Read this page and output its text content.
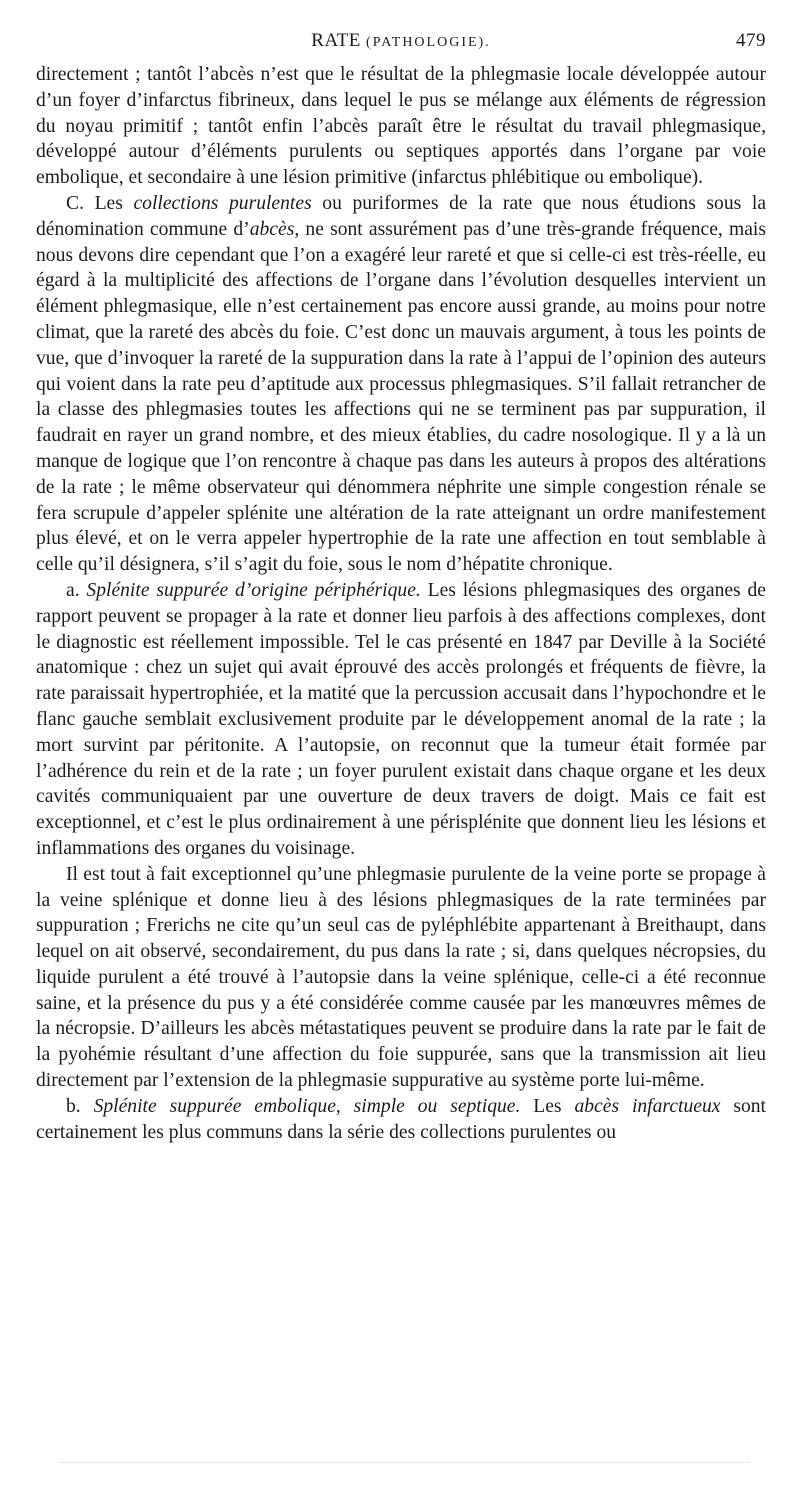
RATE (PATHOLOGIE).	479

directement ; tantôt l’abcès n’est que le résultat de la phlegmasie locale développée autour d’un foyer d’infarctus fibrineux, dans lequel le pus se mélange aux éléments de régression du noyau primitif ; tantôt enfin l’abcès paraît être le résultat du travail phlegmasique, développé autour d’éléments purulents ou septiques apportés dans l’organe par voie embolique, et secondaire à une lésion primitive (infarctus phlébitique ou embolique).

C. Les collections purulentes ou puriformes de la rate que nous étudions sous la dénomination commune d’abcès, ne sont assurément pas d’une très-grande fréquence, mais nous devons dire cependant que l’on a exagéré leur rareté et que si celle-ci est très-réelle, eu égard à la multiplicité des affections de l’organe dans l’évolution desquelles intervient un élément phlegmasique, elle n’est certainement pas encore aussi grande, au moins pour notre climat, que la rareté des abcès du foie. C’est donc un mauvais argument, à tous les points de vue, que d’invoquer la rareté de la suppuration dans la rate à l’appui de l’opinion des auteurs qui voient dans la rate peu d’aptitude aux processus phlegmasiques. S’il fallait retrancher de la classe des phlegmasies toutes les affections qui ne se terminent pas par suppuration, il faudrait en rayer un grand nombre, et des mieux établies, du cadre nosologique. Il y a là un manque de logique que l’on rencontre à chaque pas dans les auteurs à propos des altérations de la rate ; le même observateur qui dénommera néphrite une simple congestion rénale se fera scrupule d’appeler splénite une altération de la rate atteignant un ordre manifestement plus élevé, et on le verra appeler hypertrophie de la rate une affection en tout semblable à celle qu’il désignera, s’il s’agit du foie, sous le nom d’hépatite chronique.

a. Splénite suppurée d’origine périphérique. Les lésions phlegmasiques des organes de rapport peuvent se propager à la rate et donner lieu parfois à des affections complexes, dont le diagnostic est réellement impossible. Tel le cas présenté en 1847 par Deville à la Société anatomique : chez un sujet qui avait éprouvé des accès prolongés et fréquents de fièvre, la rate paraissait hypertrophiée, et la matité que la percussion accusait dans l’hypochondre et le flanc gauche semblait exclusivement produite par le développement anomal de la rate ; la mort survint par péritonite. A l’autopsie, on reconnut que la tumeur était formée par l’adhérence du rein et de la rate ; un foyer purulent existait dans chaque organe et les deux cavités communiquaient par une ouverture de deux travers de doigt. Mais ce fait est exceptionnel, et c’est le plus ordinairement à une périsplénite que donnent lieu les lésions et inflammations des organes du voisinage.

Il est tout à fait exceptionnel qu’une phlegmasie purulente de la veine porte se propage à la veine splénique et donne lieu à des lésions phlegmasiques de la rate terminées par suppuration ; Frerichs ne cite qu’un seul cas de pyléphlébite appartenant à Breithaupt, dans lequel on ait observé, secondairement, du pus dans la rate ; si, dans quelques nécropsies, du liquide purulent a été trouvé à l’autopsie dans la veine splénique, celle-ci a été reconnue saine, et la présence du pus y a été considérée comme causée par les manœuvres mêmes de la nécropsie. D’ailleurs les abcès métastatiques peuvent se produire dans la rate par le fait de la pyohémie résultant d’une affection du foie suppurée, sans que la transmission ait lieu directement par l’extension de la phlegmasie suppurative au système porte lui-même.

b. Splénite suppurée embolique, simple ou septique. Les abcès infarctueux sont certainement les plus communs dans la série des collections purulentes ou
